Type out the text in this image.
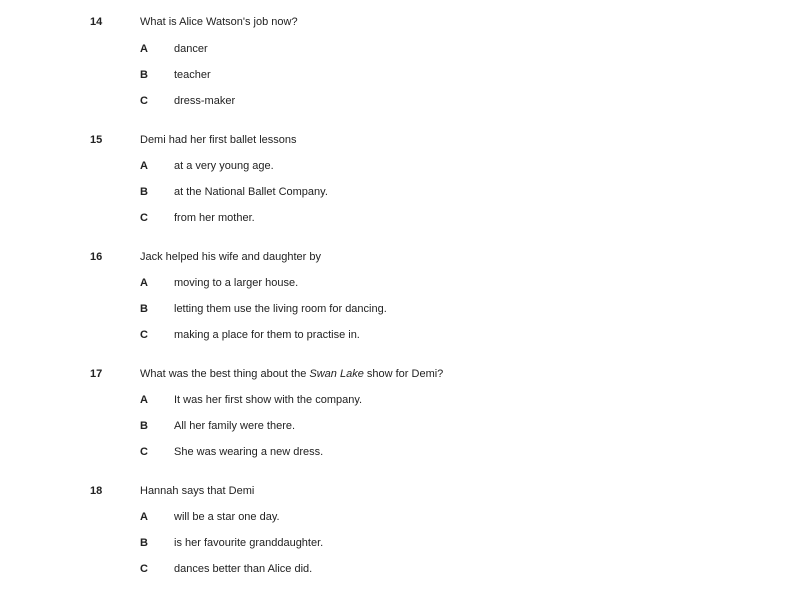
14	What is Alice Watson's job now?
A dancer
B teacher
C dress-maker
15	Demi had her first ballet lessons
A at a very young age.
B at the National Ballet Company.
C from her mother.
16	Jack helped his wife and daughter by
A moving to a larger house.
B letting them use the living room for dancing.
C making a place for them to practise in.
17	What was the best thing about the Swan Lake show for Demi?
A It was her first show with the company.
B All her family were there.
C She was wearing a new dress.
18	Hannah says that Demi
A will be a star one day.
B is her favourite granddaughter.
C dances better than Alice did.
